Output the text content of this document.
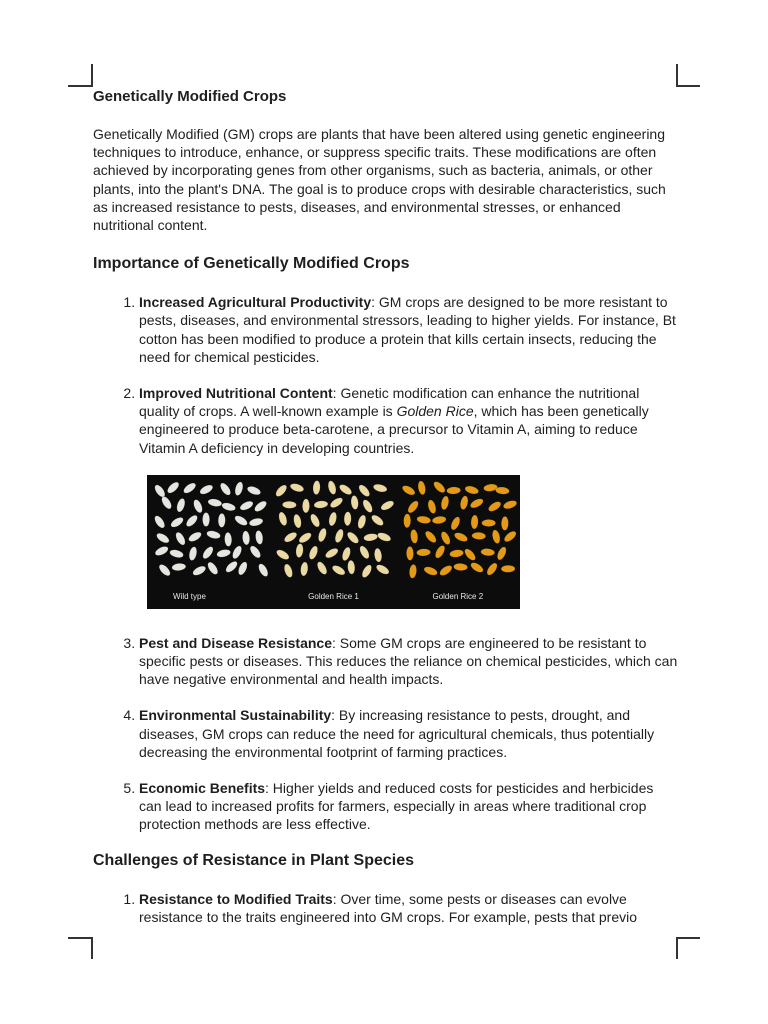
Genetically Modified Crops

Genetically Modified (GM) crops are plants that have been altered using genetic engineering techniques to introduce, enhance, or suppress specific traits. These modifications are often achieved by incorporating genes from other organisms, such as bacteria, animals, or other plants, into the plant's DNA. The goal is to produce crops with desirable characteristics, such as increased resistance to pests, diseases, and environmental stresses, or enhanced nutritional content.

Importance of Genetically Modified Crops
1. Increased Agricultural Productivity: GM crops are designed to be more resistant to pests, diseases, and environmental stressors, leading to higher yields. For instance, Bt cotton has been modified to produce a protein that kills certain insects, reducing the need for chemical pesticides.
2. Improved Nutritional Content: Genetic modification can enhance the nutritional quality of crops. A well-known example is Golden Rice, which has been genetically engineered to produce beta-carotene, a precursor to Vitamin A, aiming to reduce Vitamin A deficiency in developing countries.
Wild type	Golden Rice 1	Golden Rice 2
3. Pest and Disease Resistance: Some GM crops are engineered to be resistant to specific pests or diseases. This reduces the reliance on chemical pesticides, which can have negative environmental and health impacts.
4. Environmental Sustainability: By increasing resistance to pests, drought, and diseases, GM crops can reduce the need for agricultural chemicals, thus potentially decreasing the environmental footprint of farming practices.
5. Economic Benefits: Higher yields and reduced costs for pesticides and herbicides can lead to increased profits for farmers, especially in areas where traditional crop protection methods are less effective.
Challenges of Resistance in Plant Species
1. Resistance to Modified Traits: Over time, some pests or diseases can evolve resistance to the traits engineered into GM crops. For example, pests that previo
